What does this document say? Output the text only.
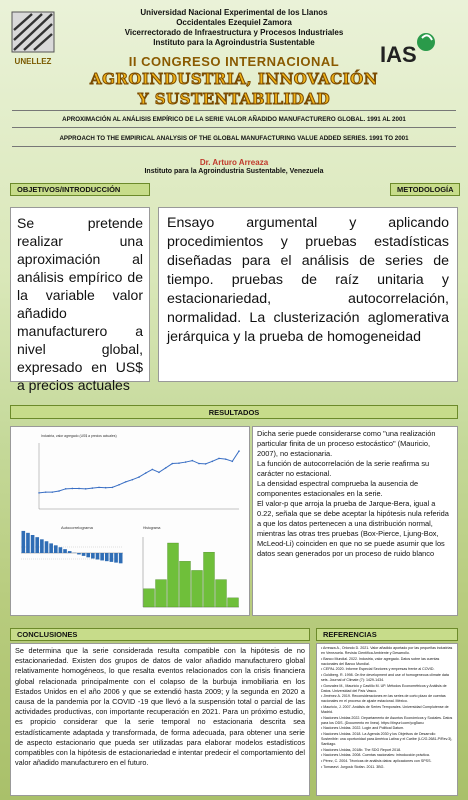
UNELLEZ	IAS
Universidad Nacional Experimental de los Llanos
Occidentales Ezequiel Zamora
Vicerrectorado de Infraestructura y Procesos Industriales
Instituto para la Agroindustria Sustentable
II CONGRESO INTERNACIONAL
AGROINDUSTRIA, INNOVACIÓN
Y SUSTENTABILIDAD
APROXIMACIÓN AL ANÁLISIS EMPÍRICO DE LA SERIE VALOR AÑADIDO MANUFACTURERO GLOBAL. 1991 AL 2001
APPROACH TO THE EMPIRICAL ANALYSIS OF THE GLOBAL MANUFACTURING VALUE ADDED SERIES. 1991 TO 2001
Dr. Arturo Arreaza
Instituto para la Agroindustria Sustentable, Venezuela
OBJETIVOS/INTRODUCCIÓN	METODOLOGÍA
Se pretende realizar una aproximación al análisis empírico de la variable valor añadido manufacturero a nivel global, expresado en US$ a precios actuales
Ensayo argumental y aplicando procedimientos y pruebas estadísticas diseñadas para el análisis de series de tiempo. pruebas de raíz unitaria y estacionariedad, autocorrelación, normalidad. La clusterización aglomerativa jerárquica y la prueba de homogeneidad
RESULTADOS
Industria, valor agregado (US$ a precios actuales)
Autocorrelograma	Histograma
Dicha serie puede considerarse como "una realización particular finita de un proceso estocástico" (Mauricio, 2007), no estacionaria.
La función de autocorrelación de la serie reafirma su carácter no estacional.
La densidad espectral comprueba la ausencia de componentes estacionales en la serie.
El valor-p que arroja la prueba de Jarque-Bera, igual a 0.22, señala que se debe aceptar la hipótesis nula referida a que los datos pertenecen a una distribución normal, mientras las otras tres pruebas (Box-Pierce, Ljung-Box, McLeod-Li) coinciden en que no se puede asumir que los datos sean generados por un proceso de ruido blanco
CONCLUSIONES	REFERENCIAS
Se determina que la serie considerada resulta compatible con la hipótesis de no estacionariedad. Existen dos grupos de datos de valor añadido manufacturero global relativamente homogéneos, lo que resalta eventos relacionados con la crisis financiera global relacionada principalmente con el colapso de la burbuja inmobiliaria en los Estados Unidos en el año 2006 y que se extendió hasta 2009; y la segunda en 2020 a causa de la pandemia por la COVID -19 que llevó a la suspensión total o parcial de las actividades productivas, con importante recuperación en 2021. Para un próximo estudio, es propicio considerar que la serie temporal no estacionaria descrita sea estadísticamente adaptada y transformada, de forma adecuada, para obtener una serie de aspecto estacionario que pueda ser utilizadas para elaborar modelos estadísticos compatibles con la hipótesis de estacionariedad e intentar predecir el comportamiento del valor añadido manufacturero en el futuro.
• Arreaza A., Oriondo D. 2021. Valor añadido aportado por las pequeñas industrias en Venezuela. Revista Científica Ambiente y Desarrollo.
• Banco Mundial. 2022. Industria, valor agregado. Datos sobre las cuentas nacionales del Banco Mundial.
• CEPAL 2020. Informe Especial Sectores y empresas frente al COVID.
• Goldberg. R. 1998. On the development and use of homogeneous climate data sets. Journal of Climate (7): 1429-1434.
• Gonzalez M., Mauricio y Castillo M. UP. Métodos Econométricos y Análisis de Datos. Universidad del País Vasco.
• Jiménez A. 2019. Reconsideraciones en las series de corto plazo de cuentas nacionales en el proceso de ajuste estacional. México.
• Mauricio, J. 2007. Análisis de Series Temporales. Universidad Complutense de Madrid.
• Naciones Unidas 2022. Departamento de Asuntos Económicos y Sociales. Datos para los ODS. (Documento en línea). https://tinyurl.com/ycg5axu
• Naciones Unidas. 2022. Login and Political Datum.
• Naciones Unidas. 2018. La Agenda 2030 y los Objetivos de Desarrollo Sostenible: una oportunidad para América Latina y el Caribe (LC/G.2681-P/Rev.3), Santiago.
• Naciones Unidas, 2018b. The SDG Report 2018.
• Naciones Unidas. 2008. Cuentas nacionales: introducción práctica.
• Pérez, C. 2004. Técnicas de análisis datos: aplicaciones con SPSS.
• Tomasevi. Jurgouk Stofan. 2011. 3BG.
